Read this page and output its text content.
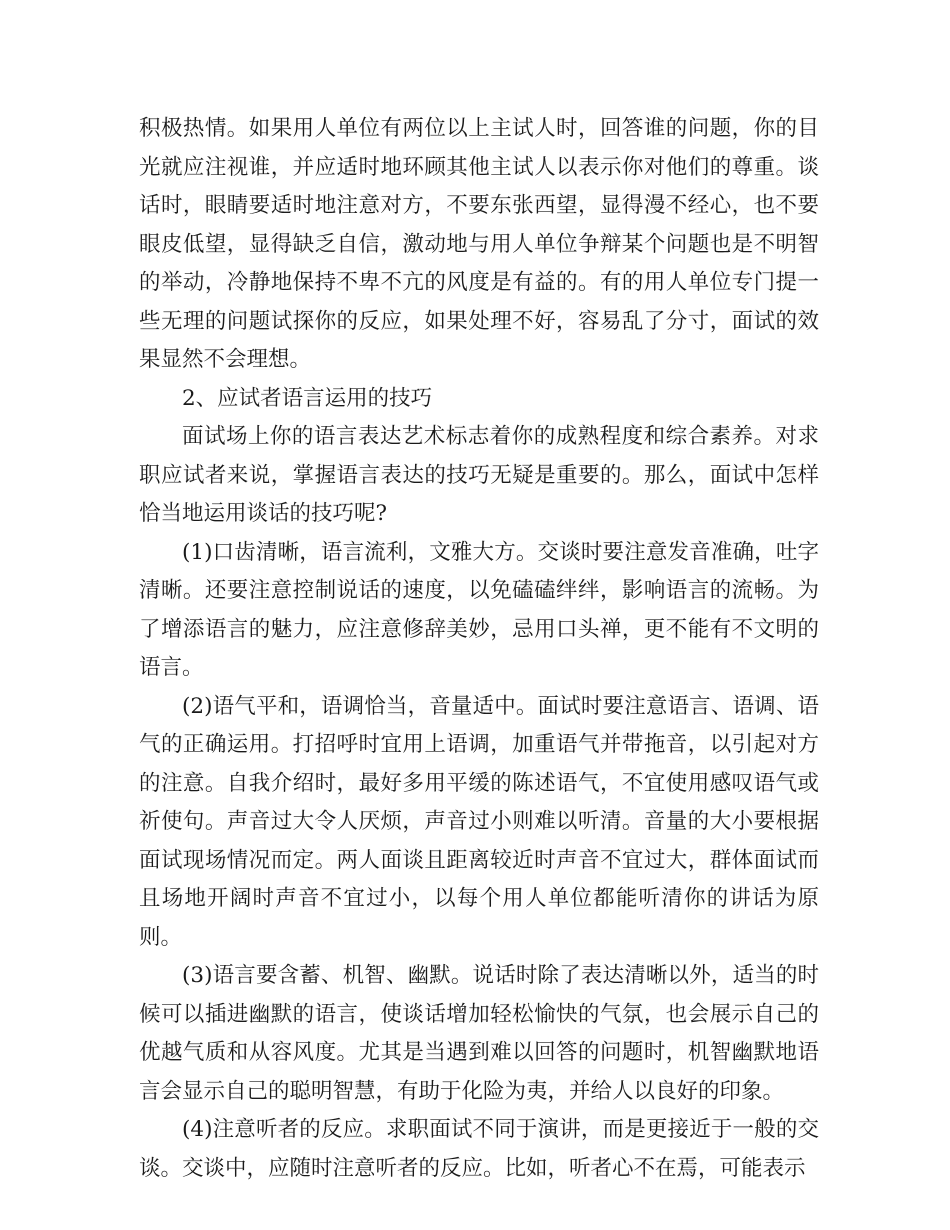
积极热情。如果用人单位有两位以上主试人时，回答谁的问题，你的目光就应注视谁，并应适时地环顾其他主试人以表示你对他们的尊重。谈话时，眼睛要适时地注意对方，不要东张西望，显得漫不经心，也不要眼皮低望，显得缺乏自信，激动地与用人单位争辩某个问题也是不明智的举动，冷静地保持不卑不亢的风度是有益的。有的用人单位专门提一些无理的问题试探你的反应，如果处理不好，容易乱了分寸，面试的效果显然不会理想。

2、应试者语言运用的技巧

面试场上你的语言表达艺术标志着你的成熟程度和综合素养。对求职应试者来说，掌握语言表达的技巧无疑是重要的。那么，面试中怎样恰当地运用谈话的技巧呢?

(1)口齿清晰，语言流利，文雅大方。交谈时要注意发音准确，吐字清晰。还要注意控制说话的速度，以免磕磕绊绊，影响语言的流畅。为了增添语言的魅力，应注意修辞美妙，忌用口头禅，更不能有不文明的语言。

(2)语气平和，语调恰当，音量适中。面试时要注意语言、语调、语气的正确运用。打招呼时宜用上语调，加重语气并带拖音，以引起对方的注意。自我介绍时，最好多用平缓的陈述语气，不宜使用感叹语气或祈使句。声音过大令人厌烦，声音过小则难以听清。音量的大小要根据面试现场情况而定。两人面谈且距离较近时声音不宜过大，群体面试而且场地开阔时声音不宜过小，以每个用人单位都能听清你的讲话为原则。

(3)语言要含蓄、机智、幽默。说话时除了表达清晰以外，适当的时候可以插进幽默的语言，使谈话增加轻松愉快的气氛，也会展示自己的优越气质和从容风度。尤其是当遇到难以回答的问题时，机智幽默地语言会显示自己的聪明智慧，有助于化险为夷，并给人以良好的印象。

(4)注意听者的反应。求职面试不同于演讲，而是更接近于一般的交谈。交谈中，应随时注意听者的反应。比如，听者心不在焉，可能表示
